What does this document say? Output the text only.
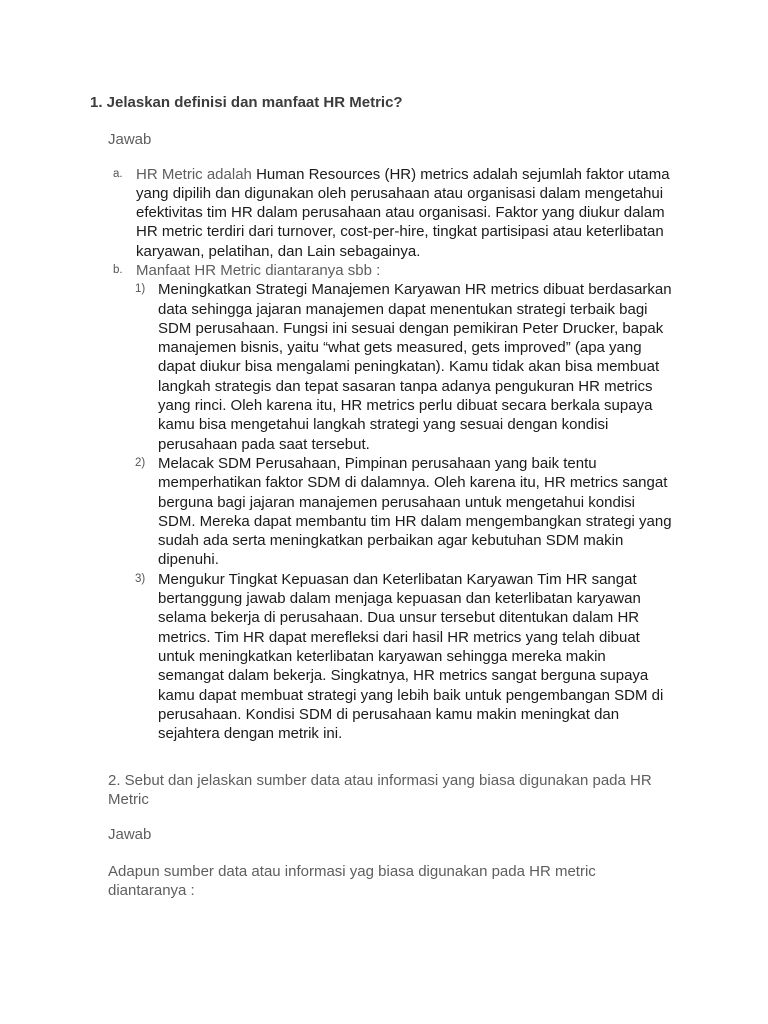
1. Jelaskan definisi dan manfaat HR Metric?
Jawab
a. HR Metric adalah Human Resources (HR) metrics adalah sejumlah faktor utama
yang dipilih dan digunakan oleh perusahaan atau organisasi dalam mengetahui
efektivitas tim HR dalam perusahaan atau organisasi. Faktor yang diukur dalam
HR metric terdiri dari turnover, cost-per-hire, tingkat partisipasi atau keterlibatan
karyawan, pelatihan, dan Lain sebagainya.
b. Manfaat HR Metric diantaranya sbb :
1) Meningkatkan Strategi Manajemen Karyawan HR metrics dibuat berdasarkan
data sehingga jajaran manajemen dapat menentukan strategi terbaik bagi
SDM perusahaan. Fungsi ini sesuai dengan pemikiran Peter Drucker, bapak
manajemen bisnis, yaitu “what gets measured, gets improved” (apa yang
dapat diukur bisa mengalami peningkatan). Kamu tidak akan bisa membuat
langkah strategis dan tepat sasaran tanpa adanya pengukuran HR metrics
yang rinci. Oleh karena itu, HR metrics perlu dibuat secara berkala supaya
kamu bisa mengetahui langkah strategi yang sesuai dengan kondisi
perusahaan pada saat tersebut.
2) Melacak SDM Perusahaan, Pimpinan perusahaan yang baik tentu
memperhatikan faktor SDM di dalamnya. Oleh karena itu, HR metrics sangat
berguna bagi jajaran manajemen perusahaan untuk mengetahui kondisi
SDM. Mereka dapat membantu tim HR dalam mengembangkan strategi yang
sudah ada serta meningkatkan perbaikan agar kebutuhan SDM makin
dipenuhi.
3) Mengukur Tingkat Kepuasan dan Keterlibatan Karyawan Tim HR sangat
bertanggung jawab dalam menjaga kepuasan dan keterlibatan karyawan
selama bekerja di perusahaan. Dua unsur tersebut ditentukan dalam HR
metrics. Tim HR dapat merefleksi dari hasil HR metrics yang telah dibuat
untuk meningkatkan keterlibatan karyawan sehingga mereka makin
semangat dalam bekerja. Singkatnya, HR metrics sangat berguna supaya
kamu dapat membuat strategi yang lebih baik untuk pengembangan SDM di
perusahaan. Kondisi SDM di perusahaan kamu makin meningkat dan
sejahtera dengan metrik ini.
2. Sebut dan jelaskan sumber data atau informasi yang biasa digunakan pada HR
Metric
Jawab
Adapun sumber data atau informasi yag biasa digunakan pada HR metric
diantaranya :
